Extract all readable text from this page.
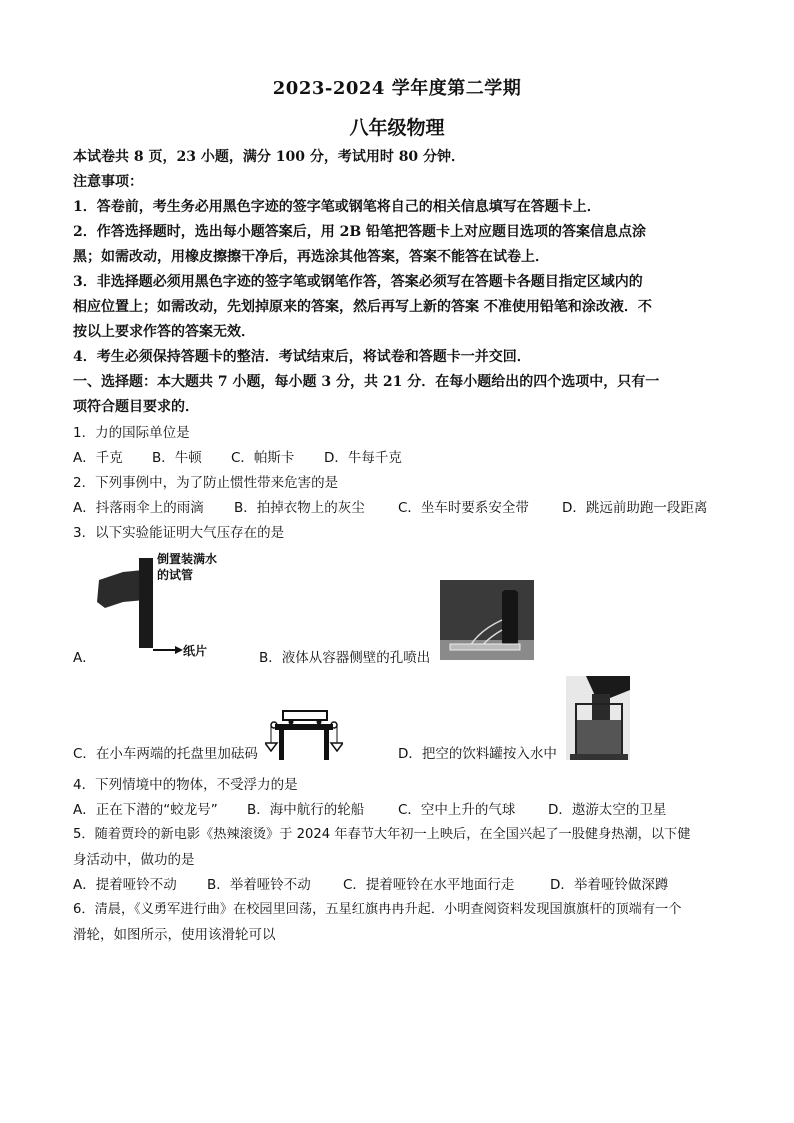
2023-2024 学年度第二学期
八年级物理
本试卷共 8 页，23 小题，满分 100 分，考试用时 80 分钟．
注意事项：
1．答卷前，考生务必用黑色字迹的签字笔或钢笔将自己的相关信息填写在答题卡上．
2．作答选择题时，选出每小题答案后，用 2B 铅笔把答题卡上对应题目选项的答案信息点涂
黑；如需改动，用橡皮擦擦干净后，再选涂其他答案，答案不能答在试卷上．
3．非选择题必须用黑色字迹的签字笔或钢笔作答，答案必须写在答题卡各题目指定区域内的
相应位置上；如需改动，先划掉原来的答案，然后再写上新的答案 不准使用铅笔和涂改液．不
按以上要求作答的答案无效．
4．考生必须保持答题卡的整洁．考试结束后，将试卷和答题卡一并交回．
一、选择题：本大题共 7 小题，每小题 3 分，共 21 分．在每小题给出的四个选项中，只有一
项符合题目要求的．
1．力的国际单位是
A．千克 B．牛顿 C．帕斯卡 D．牛每千克
2．下列事例中，为了防止惯性带来危害的是
A．抖落雨伞上的雨滴 B．拍掉衣物上的灰尘 C．坐车时要系安全带 D．跳远前助跑一段距离
3．以下实验能证明大气压存在的是
倒置装满水
的试管
纸片
A．	B．液体从容器侧壁的孔喷出
C．在小车两端的托盘里加砝码	D．把空的饮料罐按入水中
4．下列情境中的物体，不受浮力的是
A．正在下潜的“蛟龙号” B．海中航行的轮船 C．空中上升的气球 D．遨游太空的卫星
5．随着贾玲的新电影《热辣滚烫》于 2024 年春节大年初一上映后，在全国兴起了一股健身热潮，以下健
身活动中，做功的是
A．提着哑铃不动 B．举着哑铃不动 C．提着哑铃在水平地面行走	D．举着哑铃做深蹲
6．清晨，《义勇军进行曲》在校园里回荡，五星红旗冉冉升起．小明查阅资料发现国旗旗杆的顶端有一个
滑轮，如图所示，使用该滑轮可以
